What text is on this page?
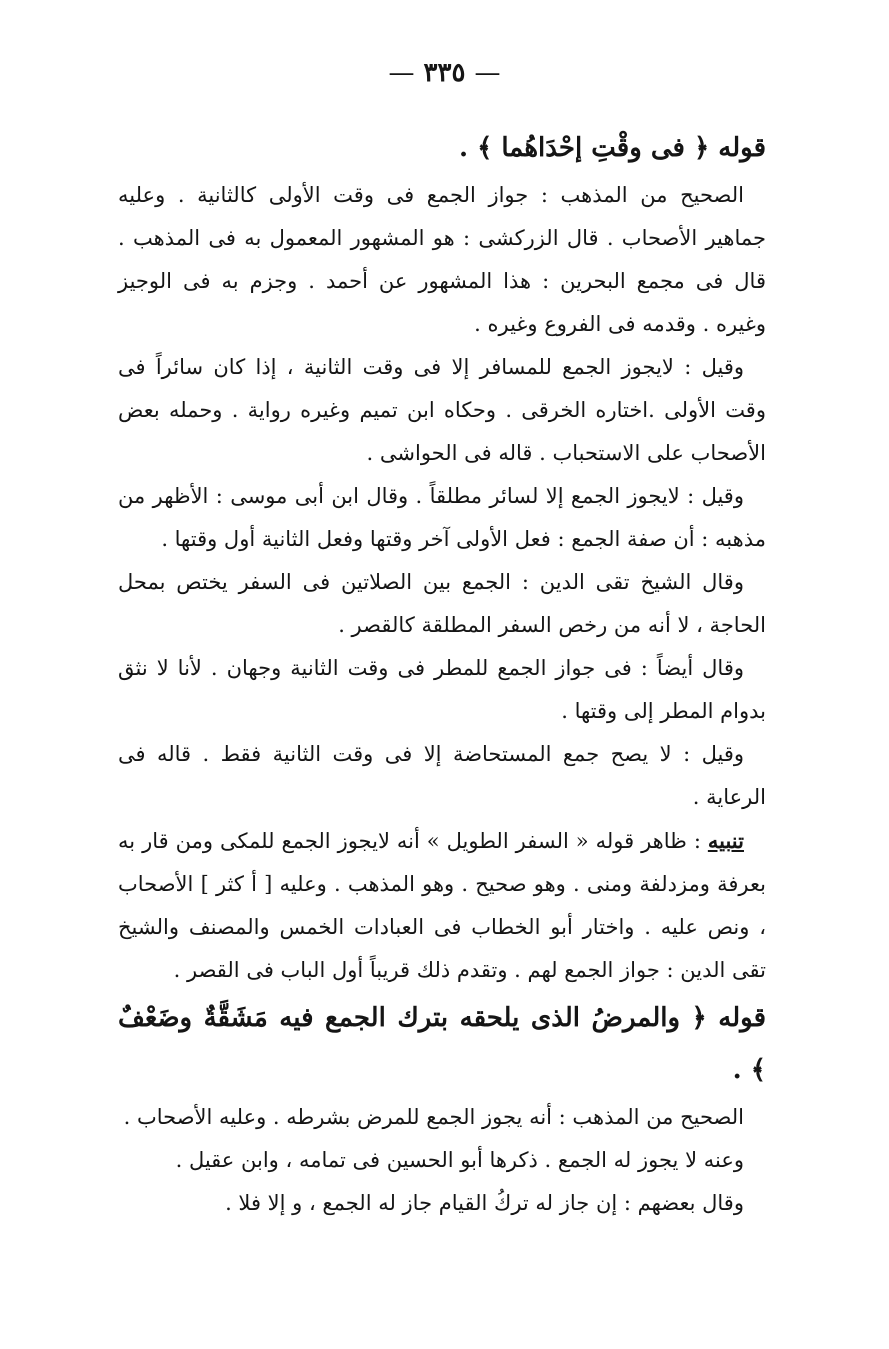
— ٣٣٥ —
قوله ﴿ فى وقْتِ إحْدَاهُما ﴾ .

الصحيح من المذهب : جواز الجمع فى وقت الأولى كالثانية . وعليه جماهير الأصحاب . قال الزركشى : هو المشهور المعمول به فى المذهب . قال فى مجمع البحرين : هذا المشهور عن أحمد . وجزم به فى الوجيز وغيره . وقدمه فى الفروع وغيره .

وقيل : لايجوز الجمع للمسافر إلا فى وقت الثانية ، إذا كان سائراً فى وقت الأولى .اختاره الخرقى . وحكاه ابن تميم وغيره رواية . وحمله بعض الأصحاب على الاستحباب . قاله فى الحواشى .

وقيل : لايجوز الجمع إلا لسائر مطلقاً . وقال ابن أبى موسى : الأظهر من مذهبه : أن صفة الجمع : فعل الأولى آخر وقتها وفعل الثانية أول وقتها .

وقال الشيخ تقى الدين : الجمع بين الصلاتين فى السفر يختص بمحل الحاجة ، لا أنه من رخص السفر المطلقة كالقصر .

وقال أيضاً : فى جواز الجمع للمطر فى وقت الثانية وجهان . لأنا لا نثق بدوام المطر إلى وقتها .

وقيل : لا يصح جمع المستحاضة إلا فى وقت الثانية فقط . قاله فى الرعاية .

تنبيه : ظاهر قوله « السفر الطويل » أنه لايجوز الجمع للمكى ومن قار به بعرفة ومزدلفة ومنى . وهو صحيح . وهو المذهب . وعليه [ أ كثر ] الأصحاب ، ونص عليه . واختار أبو الخطاب فى العبادات الخمس والمصنف والشيخ تقى الدين : جواز الجمع لهم . وتقدم ذلك قريباً أول الباب فى القصر .

قوله ﴿ والمرضُ الذى يلحقه بترك الجمع فيه مَشَقَّةٌ وضَعْفٌ ﴾ .

الصحيح من المذهب : أنه يجوز الجمع للمرض بشرطه . وعليه الأصحاب .

وعنه لا يجوز له الجمع . ذكرها أبو الحسين فى تمامه ، وابن عقيل .

وقال بعضهم : إن جاز له تركُ القيام جاز له الجمع ، و إلا فلا .
